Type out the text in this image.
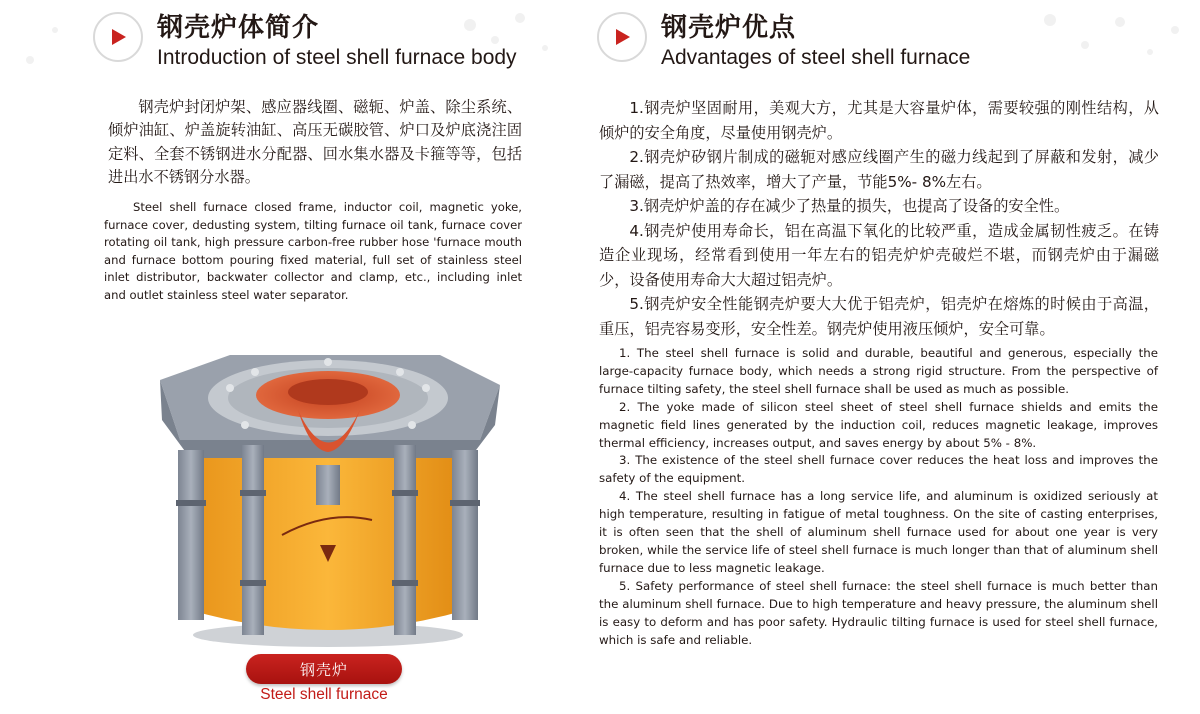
钢壳炉体简介
Introduction of steel shell furnace body
钢壳炉优点
Advantages of steel shell furnace

钢壳炉封闭炉架、感应器线圈、磁轭、炉盖、除尘系统、倾炉油缸、炉盖旋转油缸、高压无碳胶管、炉口及炉底浇注固定料、全套不锈钢进水分配器、回水集水器及卡箍等等，包括进出水不锈钢分水器。

Steel shell furnace closed frame, inductor coil, magnetic yoke, furnace cover, dedusting system, tilting furnace oil tank, furnace cover rotating oil tank, high pressure carbon-free rubber hose 'furnace mouth and furnace bottom pouring fixed material, full set of stainless steel inlet distributor, backwater collector and clamp, etc., including inlet and outlet stainless steel water separator.

1.钢壳炉坚固耐用，美观大方，尤其是大容量炉体，需要较强的刚性结构，从倾炉的安全角度，尽量使用钢壳炉。

2.钢壳炉矽钢片制成的磁轭对感应线圈产生的磁力线起到了屏蔽和发射，减少了漏磁，提高了热效率，增大了产量，节能5%- 8%左右。

3.钢壳炉炉盖的存在减少了热量的损失，也提高了设备的安全性。

4.钢壳炉使用寿命长，铝在高温下氧化的比较严重，造成金属韧性疲乏。在铸造企业现场，经常看到使用一年左右的铝壳炉炉壳破烂不堪，而钢壳炉由于漏磁少，设备使用寿命大大超过铝壳炉。

5.钢壳炉安全性能钢壳炉要大大优于铝壳炉，铝壳炉在熔炼的时候由于高温，重压，铝壳容易变形，安全性差。钢壳炉使用液压倾炉，安全可靠。

1. The steel shell furnace is solid and durable, beautiful and generous, especially the large-capacity furnace body, which needs a strong rigid structure. From the perspective of furnace tilting safety, the steel shell furnace shall be used as much as possible.

2. The yoke made of silicon steel sheet of steel shell furnace shields and emits the magnetic field lines generated by the induction coil, reduces magnetic leakage, improves thermal efficiency, increases output, and saves energy by about 5% - 8%.

3. The existence of the steel shell furnace cover reduces the heat loss and improves the safety of the equipment.

4. The steel shell furnace has a long service life, and aluminum is oxidized seriously at high temperature, resulting in fatigue of metal toughness. On the site of casting enterprises, it is often seen that the shell of aluminum shell furnace used for about one year is very broken, while the service life of steel shell furnace is much longer than that of aluminum shell furnace due to less magnetic leakage.

5. Safety performance of steel shell furnace: the steel shell furnace is much better than the aluminum shell furnace. Due to high temperature and heavy pressure, the aluminum shell is easy to deform and has poor safety. Hydraulic tilting furnace is used for steel shell furnace, which is safe and reliable.

钢壳炉
Steel shell furnace
